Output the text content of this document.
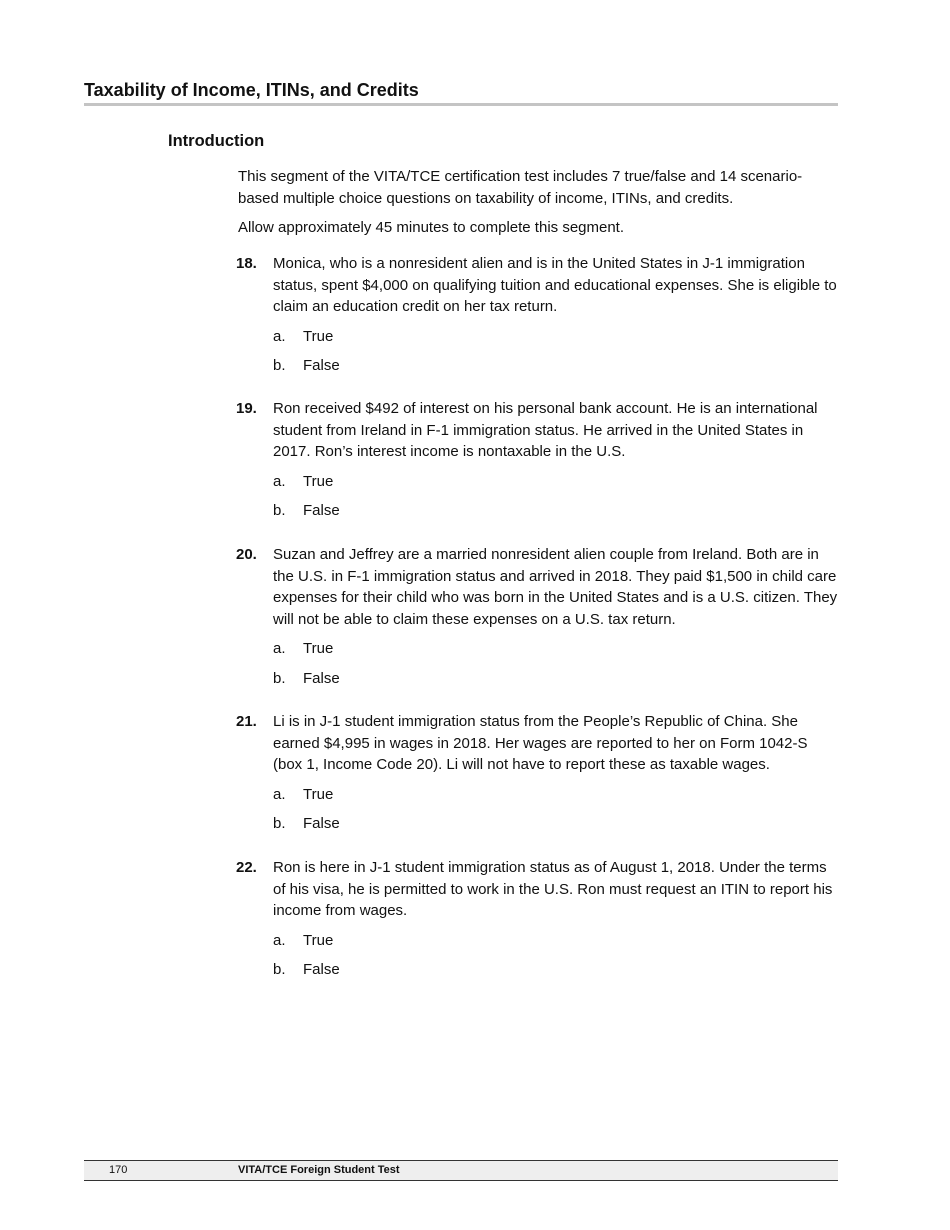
Taxability of Income, ITINs, and Credits
Introduction

This segment of the VITA/TCE certification test includes 7 true/false and 14 scenario-based multiple choice questions on taxability of income, ITINs, and credits.

Allow approximately 45 minutes to complete this segment.

18.	Monica, who is a nonresident alien and is in the United States in J-1 immigration status, spent $4,000 on qualifying tuition and educational expenses. She is eligible to claim an education credit on her tax return.
a.	True
b.	False
19.	Ron received $492 of interest on his personal bank account. He is an international student from Ireland in F-1 immigration status. He arrived in the United States in 2017. Ron’s interest income is nontaxable in the U.S.
a.	True
b.	False
20.	Suzan and Jeffrey are a married nonresident alien couple from Ireland. Both are in the U.S. in F-1 immigration status and arrived in 2018. They paid $1,500 in child care expenses for their child who was born in the United States and is a U.S. citizen. They will not be able to claim these expenses on a U.S. tax return.
a.	True
b.	False
21.	Li is in J-1 student immigration status from the People’s Republic of China. She earned $4,995 in wages in 2018. Her wages are reported to her on Form 1042-S (box 1, Income Code 20). Li will not have to report these as taxable wages.
a.	True
b.	False
22.	Ron is here in J-1 student immigration status as of August 1, 2018. Under the terms of his visa, he is permitted to work in the U.S. Ron must request an ITIN to report his income from wages.
a.	True
b.	False
170	VITA/TCE Foreign Student Test
